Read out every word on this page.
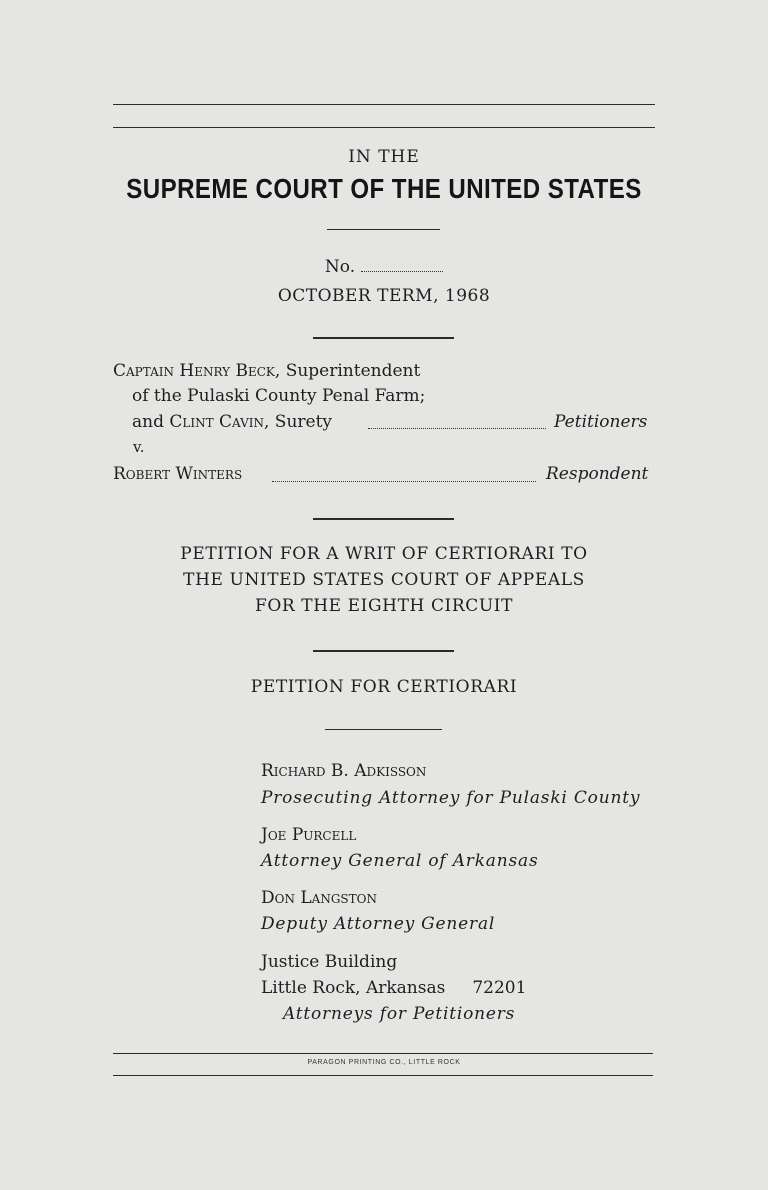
IN THE
SUPREME COURT OF THE UNITED STATES
No.
OCTOBER TERM, 1968
Captain Henry Beck, Superintendent
of the Pulaski County Penal Farm;
and Clint Cavin, Surety	Petitioners
v.
Robert Winters	Respondent
PETITION FOR A WRIT OF CERTIORARI TO
THE UNITED STATES COURT OF APPEALS
FOR THE EIGHTH CIRCUIT
PETITION FOR CERTIORARI
Richard B. Adkisson
Prosecuting Attorney for Pulaski County
Joe Purcell
Attorney General of Arkansas
Don Langston
Deputy Attorney General
Justice Building
Little Rock, Arkansas     72201
Attorneys for Petitioners
PARAGON PRINTING CO., LITTLE ROCK
